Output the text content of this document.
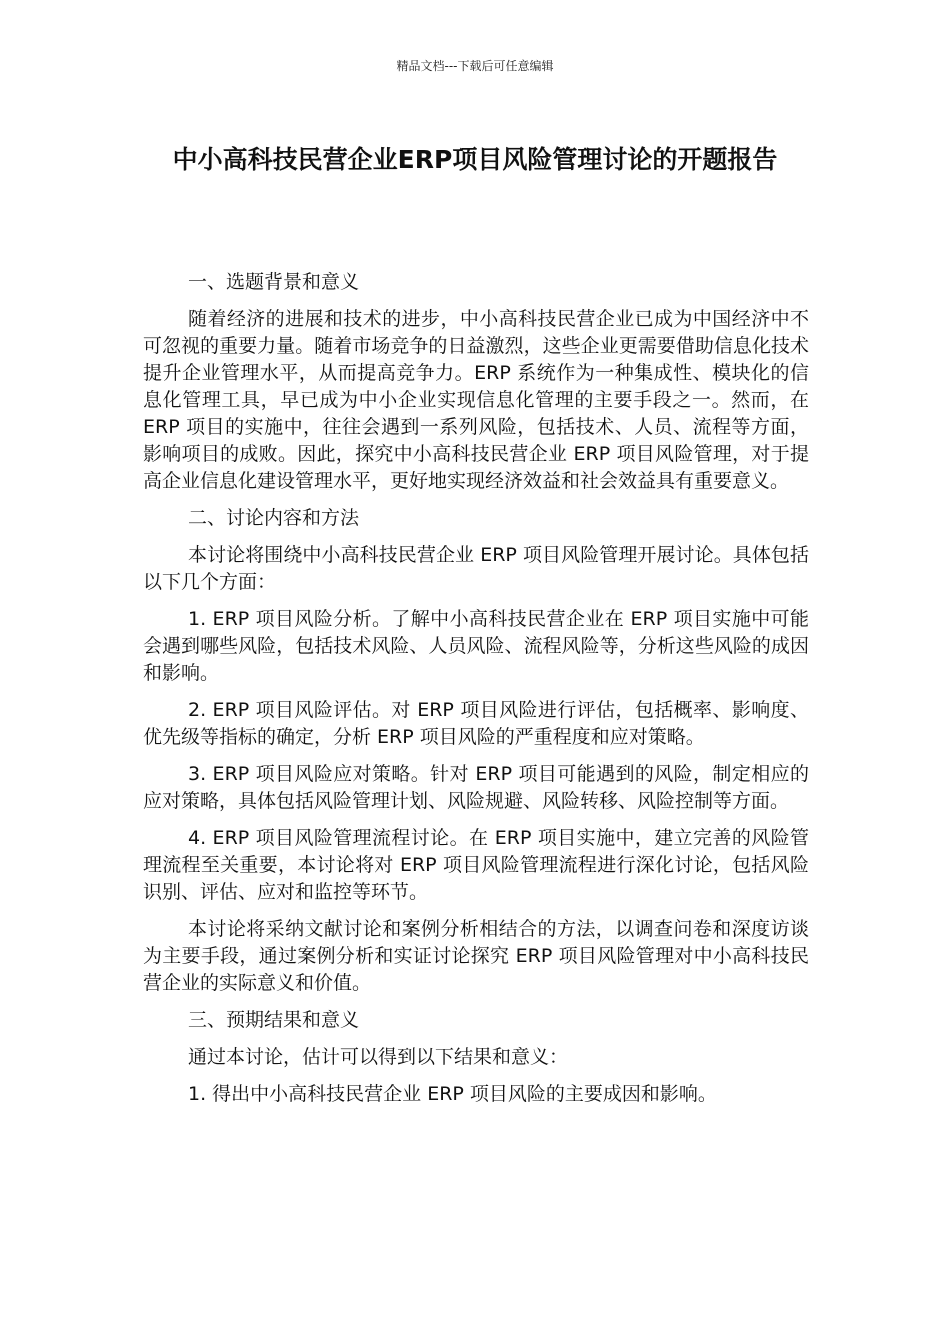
精品文档---下载后可任意编辑
中小高科技民营企业ERP项目风险管理讨论的开题报告

一、选题背景和意义

随着经济的进展和技术的进步，中小高科技民营企业已成为中国经济中不可忽视的重要力量。随着市场竞争的日益激烈，这些企业更需要借助信息化技术提升企业管理水平，从而提高竞争力。ERP 系统作为一种集成性、模块化的信息化管理工具，早已成为中小企业实现信息化管理的主要手段之一。然而，在 ERP 项目的实施中，往往会遇到一系列风险，包括技术、人员、流程等方面，影响项目的成败。因此，探究中小高科技民营企业 ERP 项目风险管理，对于提高企业信息化建设管理水平，更好地实现经济效益和社会效益具有重要意义。

二、讨论内容和方法

本讨论将围绕中小高科技民营企业 ERP 项目风险管理开展讨论。具体包括以下几个方面：

1. ERP 项目风险分析。了解中小高科技民营企业在 ERP 项目实施中可能会遇到哪些风险，包括技术风险、人员风险、流程风险等，分析这些风险的成因和影响。

2. ERP 项目风险评估。对 ERP 项目风险进行评估，包括概率、影响度、优先级等指标的确定，分析 ERP 项目风险的严重程度和应对策略。

3. ERP 项目风险应对策略。针对 ERP 项目可能遇到的风险，制定相应的应对策略，具体包括风险管理计划、风险规避、风险转移、风险控制等方面。

4. ERP 项目风险管理流程讨论。在 ERP 项目实施中，建立完善的风险管理流程至关重要，本讨论将对 ERP 项目风险管理流程进行深化讨论，包括风险识别、评估、应对和监控等环节。

本讨论将采纳文献讨论和案例分析相结合的方法，以调查问卷和深度访谈为主要手段，通过案例分析和实证讨论探究 ERP 项目风险管理对中小高科技民营企业的实际意义和价值。

三、预期结果和意义

通过本讨论，估计可以得到以下结果和意义：

1. 得出中小高科技民营企业 ERP 项目风险的主要成因和影响。
